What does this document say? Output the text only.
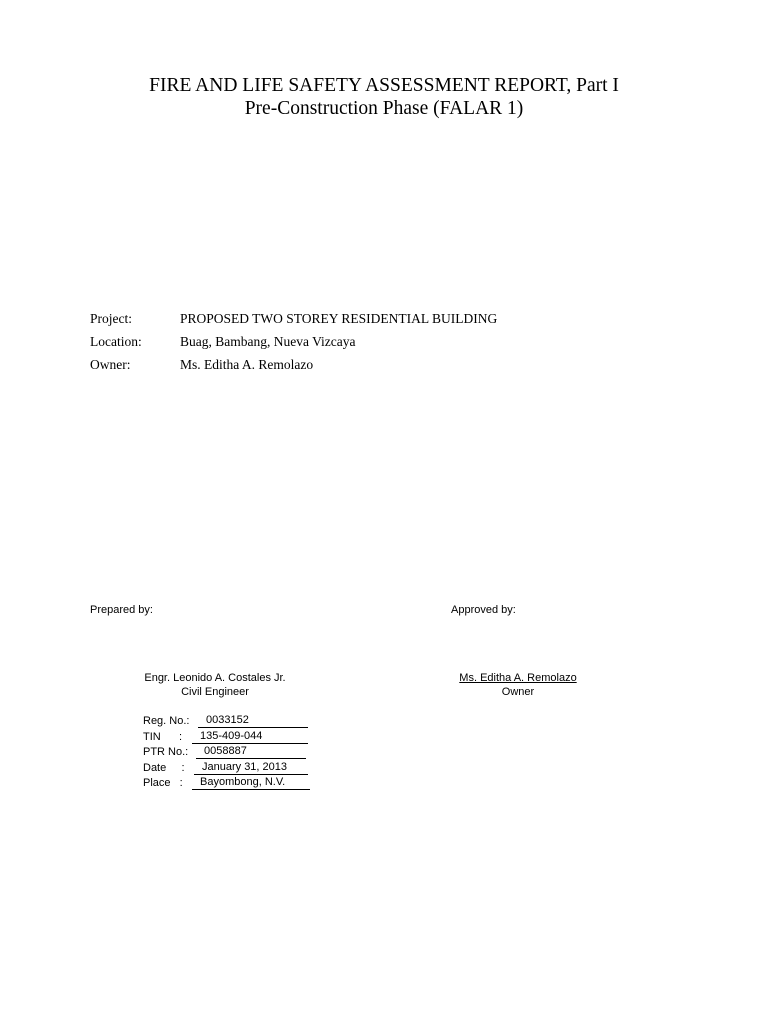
FIRE AND LIFE SAFETY ASSESSMENT REPORT, Part I
Pre-Construction Phase (FALAR 1)
Project:	PROPOSED TWO STOREY RESIDENTIAL BUILDING
Location:	Buag, Bambang, Nueva Vizcaya
Owner:	Ms. Editha A. Remolazo
Prepared by:	Approved by:
Engr. Leonido A. Costales Jr.
Civil Engineer
Ms. Editha A. Remolazo
Owner
Reg. No.:	0033152
TIN      :	135-409-044
PTR No.:	0058887
Date     :	January 31, 2013
Place   :	Bayombong, N.V.
